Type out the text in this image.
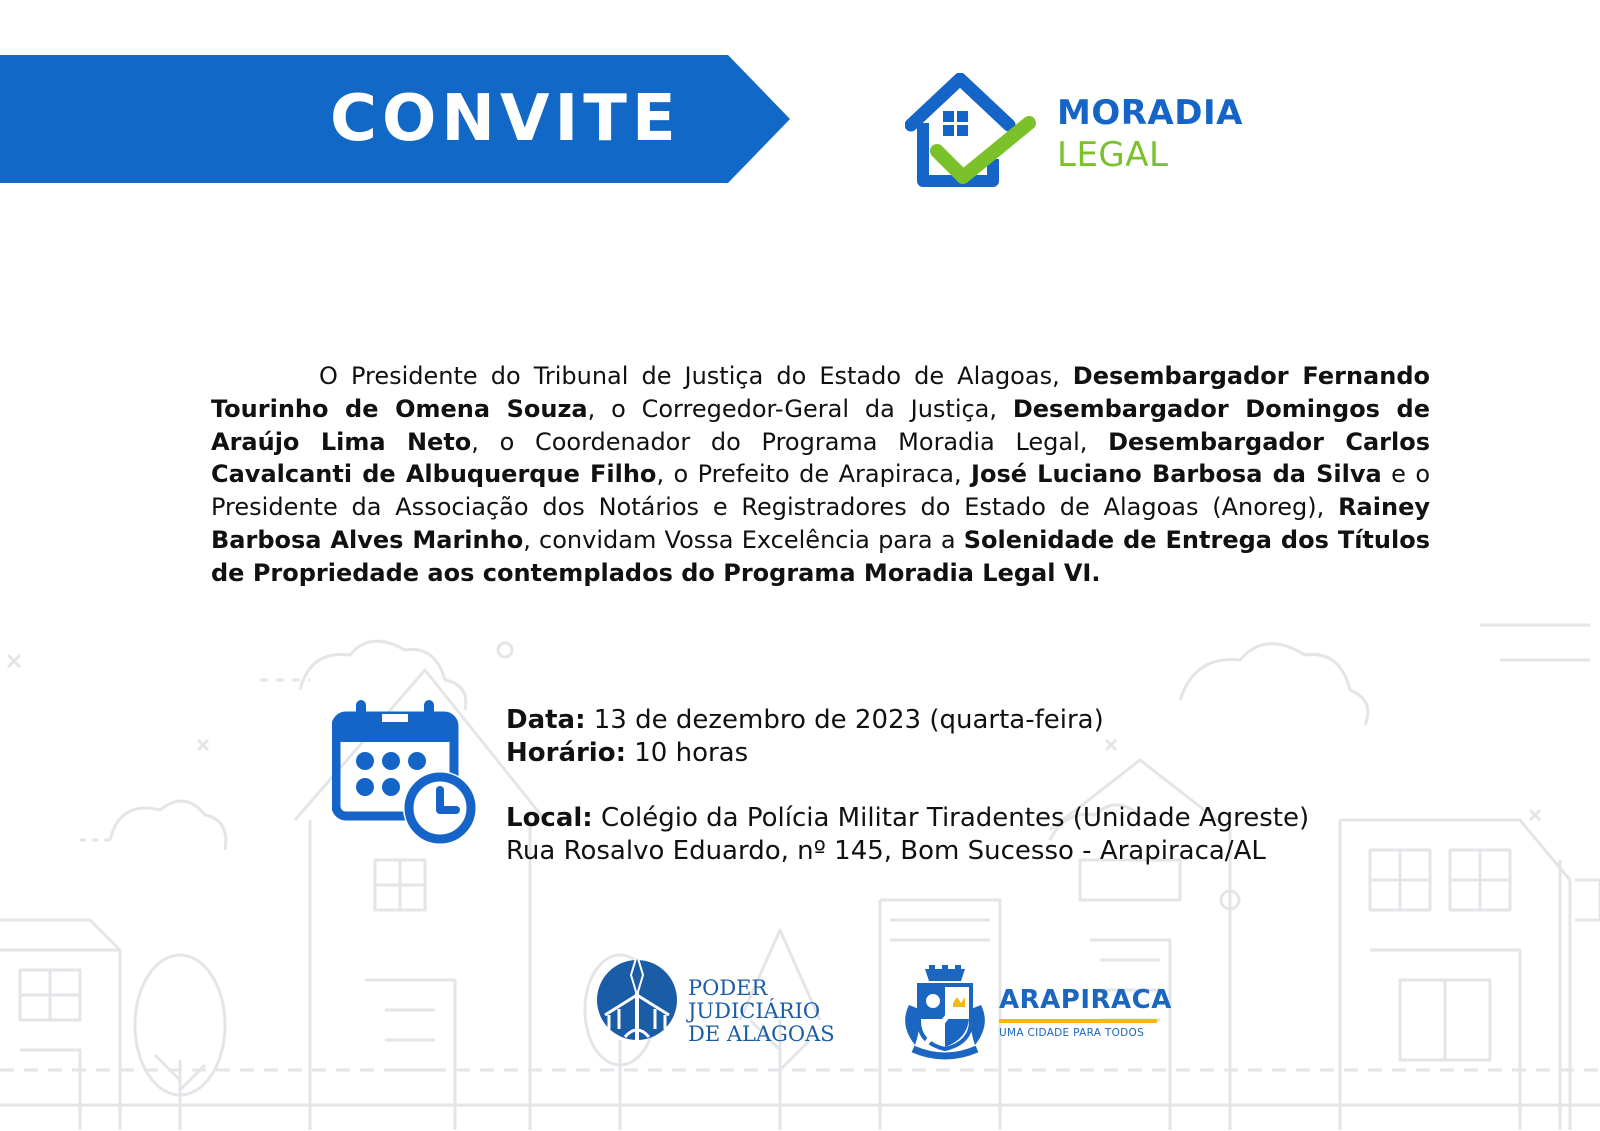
CONVITE	MORADIA
LEGAL

O Presidente do Tribunal de Justiça do Estado de Alagoas, Desembargador Fernando Tourinho de Omena Souza, o Corregedor-Geral da Justiça, Desembargador Domingos de Araújo Lima Neto, o Coordenador do Programa Moradia Legal, Desembargador Carlos Cavalcanti de Albuquerque Filho, o Prefeito de Arapiraca, José Luciano Barbosa da Silva e o Presidente da Associação dos Notários e Registradores do Estado de Alagoas (Anoreg), Rainey Barbosa Alves Marinho, convidam Vossa Excelência para a Solenidade de Entrega dos Títulos de Propriedade aos contemplados do Programa Moradia Legal VI.

Data: 13 de dezembro de 2023 (quarta-feira)
Horário: 10 horas
Local: Colégio da Polícia Militar Tiradentes (Unidade Agreste)
Rua Rosalvo Eduardo, nº 145, Bom Sucesso - Arapiraca/AL
PODER
JUDICIÁRIO
DE ALAGOAS
ARAPIRACA
UMA CIDADE PARA TODOS
